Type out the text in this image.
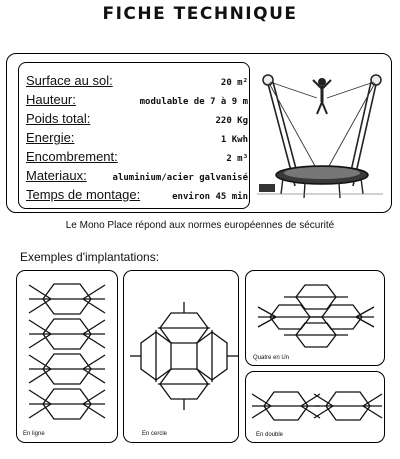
FICHE TECHNIQUE
Surface au sol:	20 m²
Hauteur:	modulable de 7 à 9 m
Poids total:	220 Kg
Energie:	1 Kwh
Encombrement:	2 m³
Materiaux:	aluminium/acier galvanisé
Temps de montage:	environ 45 min
Le Mono Place répond aux normes européennes de sécurité
Exemples d'implantations:
En ligne	En cercle
Quatre en Un
En double
